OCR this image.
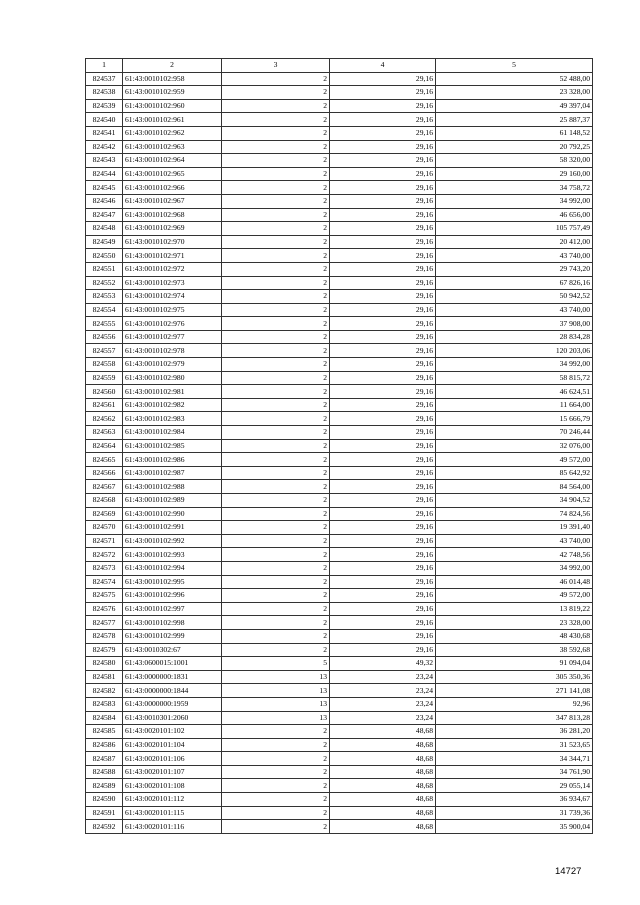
1	2	3	4	5
824537	61:43:0010102:958	2	29,16	52 488,00
824538	61:43:0010102:959	2	29,16	23 328,00
824539	61:43:0010102:960	2	29,16	49 397,04
824540	61:43:0010102:961	2	29,16	25 887,37
824541	61:43:0010102:962	2	29,16	61 148,52
824542	61:43:0010102:963	2	29,16	20 792,25
824543	61:43:0010102:964	2	29,16	58 320,00
824544	61:43:0010102:965	2	29,16	29 160,00
824545	61:43:0010102:966	2	29,16	34 758,72
824546	61:43:0010102:967	2	29,16	34 992,00
824547	61:43:0010102:968	2	29,16	46 656,00
824548	61:43:0010102:969	2	29,16	105 757,49
824549	61:43:0010102:970	2	29,16	20 412,00
824550	61:43:0010102:971	2	29,16	43 740,00
824551	61:43:0010102:972	2	29,16	29 743,20
824552	61:43:0010102:973	2	29,16	67 826,16
824553	61:43:0010102:974	2	29,16	50 942,52
824554	61:43:0010102:975	2	29,16	43 740,00
824555	61:43:0010102:976	2	29,16	37 908,00
824556	61:43:0010102:977	2	29,16	28 834,28
824557	61:43:0010102:978	2	29,16	120 203,06
824558	61:43:0010102:979	2	29,16	34 992,00
824559	61:43:0010102:980	2	29,16	58 815,72
824560	61:43:0010102:981	2	29,16	46 624,51
824561	61:43:0010102:982	2	29,16	11 664,00
824562	61:43:0010102:983	2	29,16	15 666,79
824563	61:43:0010102:984	2	29,16	70 246,44
824564	61:43:0010102:985	2	29,16	32 076,00
824565	61:43:0010102:986	2	29,16	49 572,00
824566	61:43:0010102:987	2	29,16	85 642,92
824567	61:43:0010102:988	2	29,16	84 564,00
824568	61:43:0010102:989	2	29,16	34 904,52
824569	61:43:0010102:990	2	29,16	74 824,56
824570	61:43:0010102:991	2	29,16	19 391,40
824571	61:43:0010102:992	2	29,16	43 740,00
824572	61:43:0010102:993	2	29,16	42 748,56
824573	61:43:0010102:994	2	29,16	34 992,00
824574	61:43:0010102:995	2	29,16	46 014,48
824575	61:43:0010102:996	2	29,16	49 572,00
824576	61:43:0010102:997	2	29,16	13 819,22
824577	61:43:0010102:998	2	29,16	23 328,00
824578	61:43:0010102:999	2	29,16	48 430,68
824579	61:43:0010302:67	2	29,16	38 592,68
824580	61:43:0600015:1001	5	49,32	91 094,04
824581	61:43:0000000:1831	13	23,24	305 350,36
824582	61:43:0000000:1844	13	23,24	271 141,08
824583	61:43:0000000:1959	13	23,24	92,96
824584	61:43:0010301:2060	13	23,24	347 813,28
824585	61:43:0020101:102	2	48,68	36 281,20
824586	61:43:0020101:104	2	48,68	31 523,65
824587	61:43:0020101:106	2	48,68	34 344,71
824588	61:43:0020101:107	2	48,68	34 761,90
824589	61:43:0020101:108	2	48,68	29 055,14
824590	61:43:0020101:112	2	48,68	36 934,67
824591	61:43:0020101:115	2	48,68	31 739,36
824592	61:43:0020101:116	2	48,68	35 900,04
14727
